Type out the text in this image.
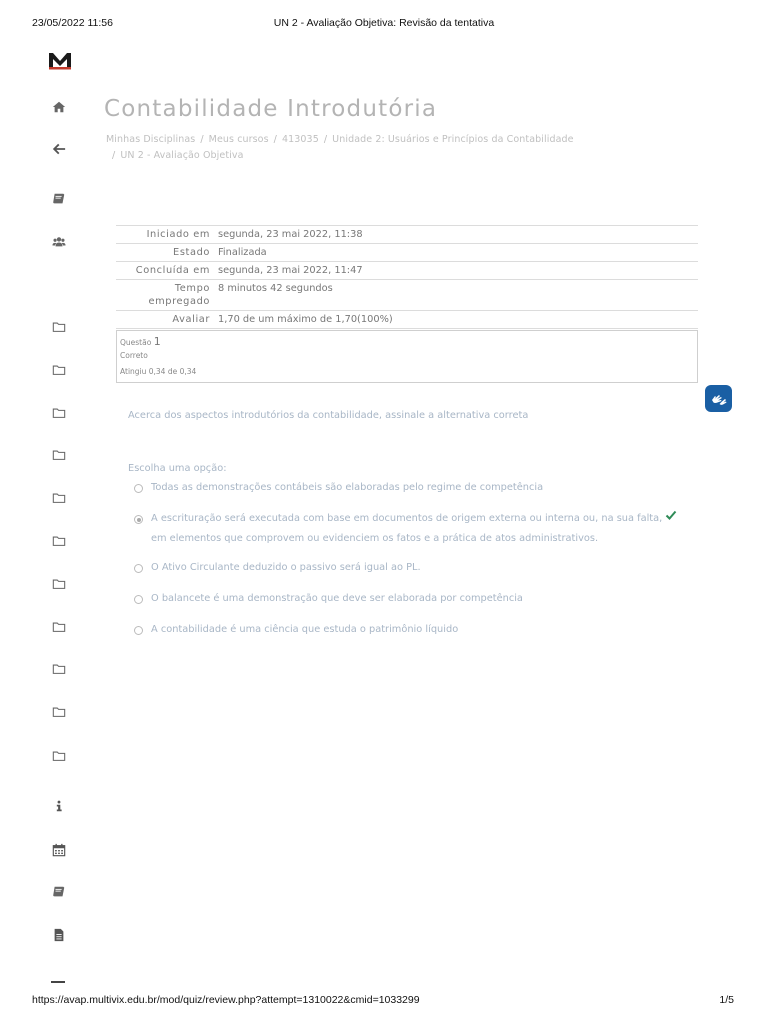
23/05/2022 11:56	UN 2 - Avaliação Objetiva: Revisão da tentativa
Contabilidade Introdutória
Minhas Disciplinas / Meus cursos / 413035 / Unidade 2: Usuários e Princípios da Contabilidade
/ UN 2 - Avaliação Objetiva
Iniciado em	segunda, 23 mai 2022, 11:38
Estado	Finalizada
Concluída em	segunda, 23 mai 2022, 11:47
Tempo empregado	8 minutos 42 segundos
Avaliar	1,70 de um máximo de 1,70(100%)
Questão 1
Correto
Atingiu 0,34 de 0,34
Acerca dos aspectos introdutórios da contabilidade, assinale a alternativa correta
Escolha uma opção:
Todas as demonstrações contábeis são elaboradas pelo regime de competência
A escrituração será executada com base em documentos de origem externa ou interna ou, na sua falta,
em elementos que comprovem ou evidenciem os fatos e a prática de atos administrativos.
O Ativo Circulante deduzido o passivo será igual ao PL.
O balancete é uma demonstração que deve ser elaborada por competência
A contabilidade é uma ciência que estuda o patrimônio líquido
https://avap.multivix.edu.br/mod/quiz/review.php?attempt=1310022&cmid=1033299	1/5
